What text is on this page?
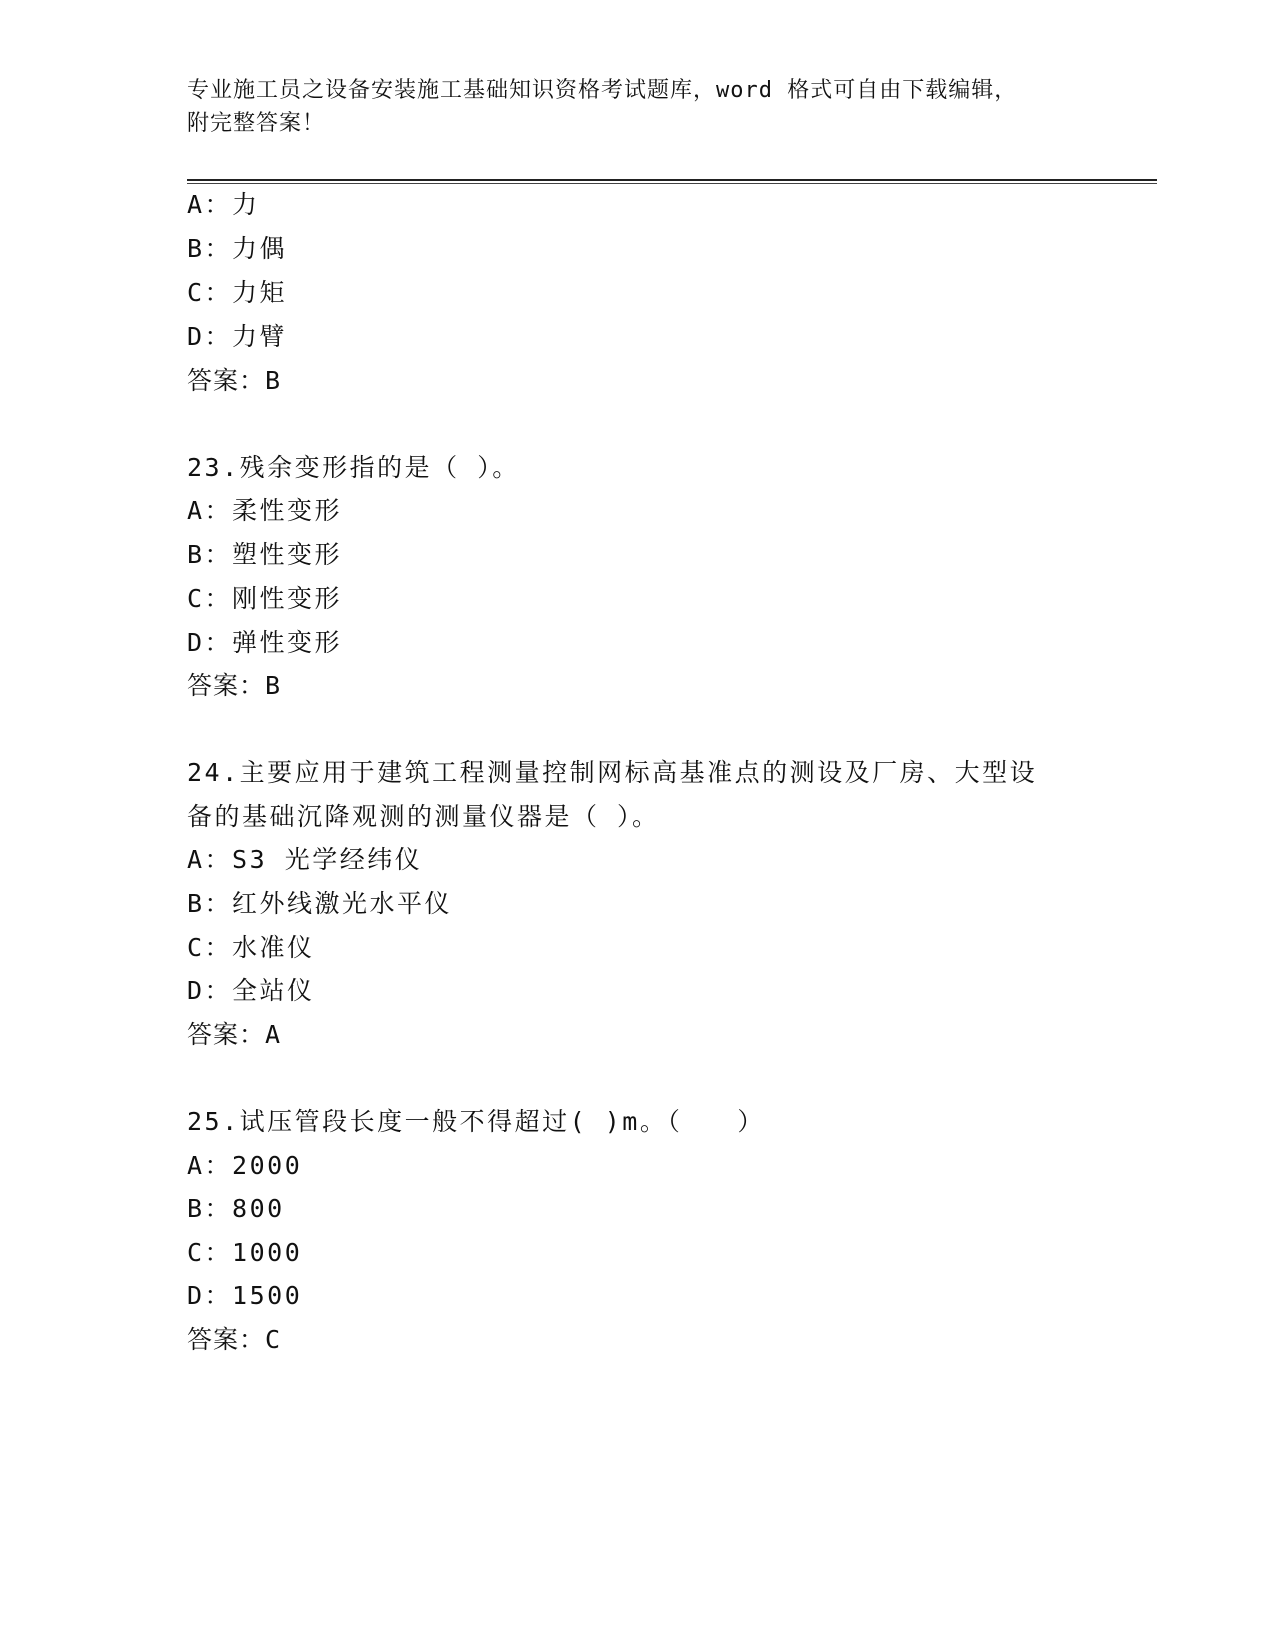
专业施工员之设备安装施工基础知识资格考试题库，word 格式可自由下载编辑，
附完整答案！
A：力
B：力偶
C：力矩
D：力臂
答案：B
23.残余变形指的是（ ）。
A：柔性变形
B：塑性变形
C：刚性变形
D：弹性变形
答案：B
24.主要应用于建筑工程测量控制网标高基准点的测设及厂房、大型设
备的基础沉降观测的测量仪器是（ ）。
A：S3 光学经纬仪
B：红外线激光水平仪
C：水准仪
D：全站仪
答案：A
25.试压管段长度一般不得超过( )m。（　　）
A：2000
B：800
C：1000
D：1500
答案：C
